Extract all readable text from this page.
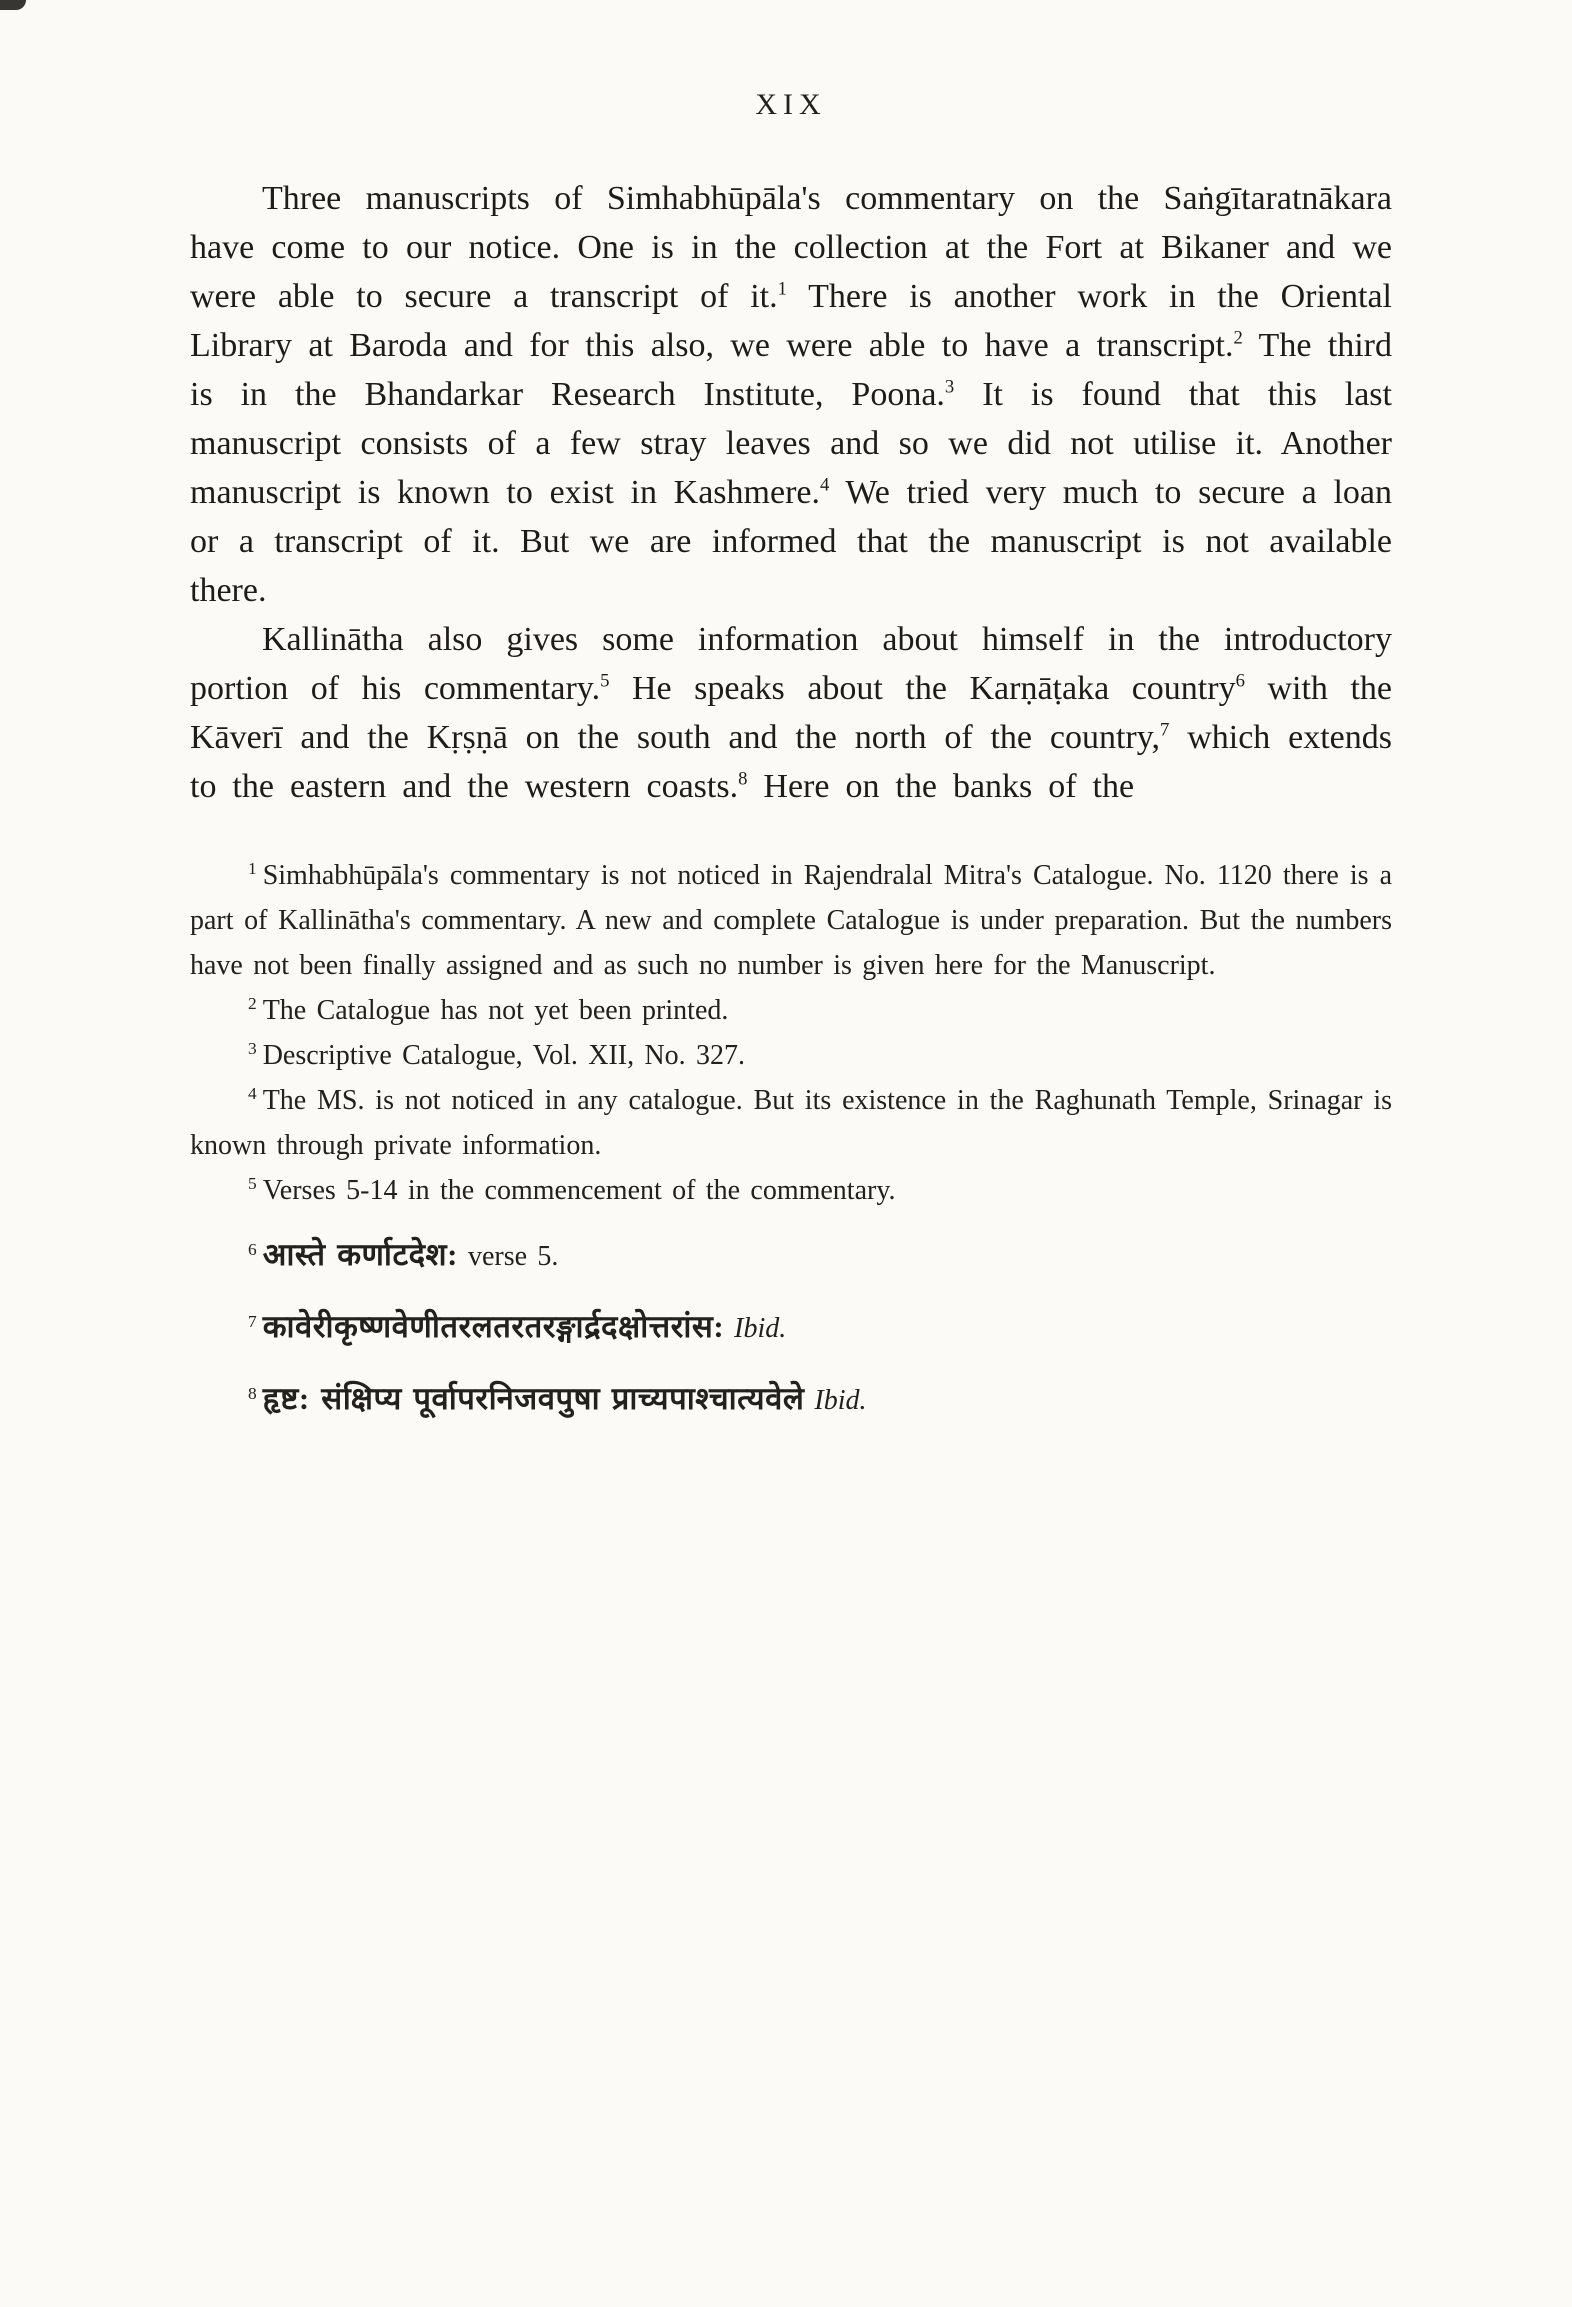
XIX

Three manuscripts of Simhabhūpāla's commentary on the Saṅgītaratnākara have come to our notice. One is in the collection at the Fort at Bikaner and we were able to secure a transcript of it.$^1$ There is another work in the Oriental Library at Baroda and for this also, we were able to have a transcript.$^2$ The third is in the Bhandarkar Research Institute, Poona.$^3$ It is found that this last manuscript consists of a few stray leaves and so we did not utilise it. Another manuscript is known to exist in Kashmere.$^4$ We tried very much to secure a loan or a transcript of it. But we are informed that the manuscript is not available there.

Kallinātha also gives some information about himself in the introductory portion of his commentary.$^5$ He speaks about the Karṇāṭaka country$^6$ with the Kāverī and the Kṛṣṇā on the south and the north of the country,$^7$ which extends to the eastern and the western coasts.$^8$ Here on the banks of the

$^1$ Simhabhūpāla's commentary is not noticed in Rajendralal Mitra's Catalogue. No. 1120 there is a part of Kallinātha's commentary. A new and complete Catalogue is under preparation. But the numbers have not been finally assigned and as such no number is given here for the Manuscript.

$^2$ The Catalogue has not yet been printed.

$^3$ Descriptive Catalogue, Vol. XII, No. 327.

$^4$ The MS. is not noticed in any catalogue. But its existence in the Raghunath Temple, Srinagar is known through private information.

$^5$ Verses 5-14 in the commencement of the commentary.

$^6$ आस्ते कर्णाटदेश: verse 5.

$^7$ कावेरीकृष्णवेणीतरलतरतरङ्गार्द्रदक्षोत्तरांस: Ibid.

$^8$ हृष्ट: संक्षिप्य पूर्वापरनिजवपुषा प्राच्यपाश्चात्यवेले Ibid.
